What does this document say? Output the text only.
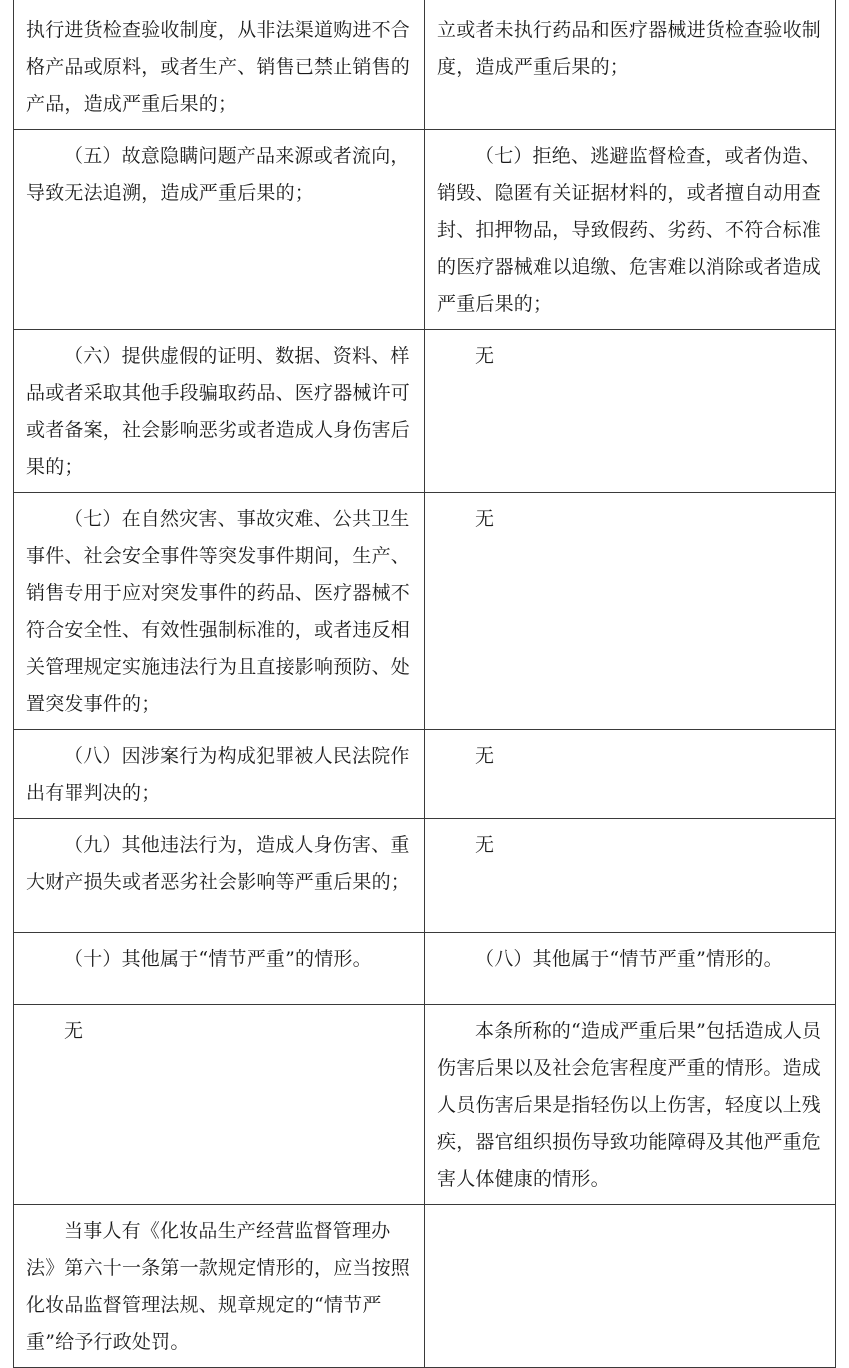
执行进货检查验收制度，从非法渠道购进不合格产品或原料，或者生产、销售已禁止销售的产品，造成严重后果的；	立或者未执行药品和医疗器械进货检查验收制度，造成严重后果的；

（五）故意隐瞒问题产品来源或者流向，导致无法追溯，造成严重后果的；	（七）拒绝、逃避监督检查，或者伪造、销毁、隐匿有关证据材料的，或者擅自动用查封、扣押物品，导致假药、劣药、不符合标准的医疗器械难以追缴、危害难以消除或者造成严重后果的；

（六）提供虚假的证明、数据、资料、样品或者采取其他手段骗取药品、医疗器械许可或者备案，社会影响恶劣或者造成人身伤害后果的；	无

（七）在自然灾害、事故灾难、公共卫生事件、社会安全事件等突发事件期间，生产、销售专用于应对突发事件的药品、医疗器械不符合安全性、有效性强制标准的，或者违反相关管理规定实施违法行为且直接影响预防、处置突发事件的；	无

（八）因涉案行为构成犯罪被人民法院作出有罪判决的；	无

（九）其他违法行为，造成人身伤害、重大财产损失或者恶劣社会影响等严重后果的；	无

（十）其他属于“情节严重”的情形。	（八）其他属于“情节严重”情形的。

无	本条所称的“造成严重后果”包括造成人员伤害后果以及社会危害程度严重的情形。造成人员伤害后果是指轻伤以上伤害，轻度以上残疾，器官组织损伤导致功能障碍及其他严重危害人体健康的情形。

当事人有《化妆品生产经营监督管理办法》第六十一条第一款规定情形的，应当按照化妆品监督管理法规、规章规定的“情节严重”给予行政处罚。	
